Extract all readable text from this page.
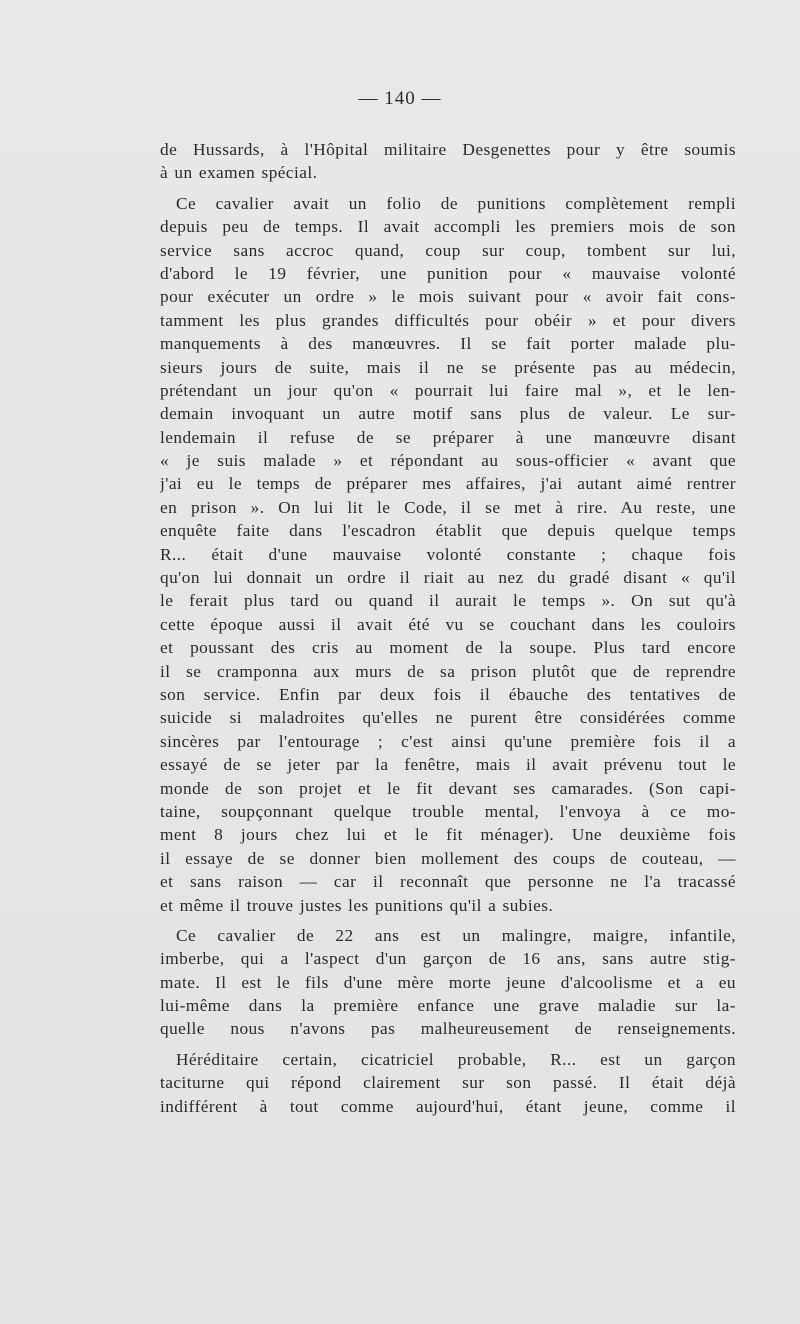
— 140 —
de Hussards, à l'Hôpital militaire Desgenettes pour y être soumis
à un examen spécial.
Ce cavalier avait un folio de punitions complètement rempli
depuis peu de temps. Il avait accompli les premiers mois de son
service sans accroc quand, coup sur coup, tombent sur lui,
d'abord le 19 février, une punition pour « mauvaise volonté
pour exécuter un ordre » le mois suivant pour « avoir fait cons-
tamment les plus grandes difficultés pour obéir » et pour divers
manquements à des manœuvres. Il se fait porter malade plu-
sieurs jours de suite, mais il ne se présente pas au médecin,
prétendant un jour qu'on « pourrait lui faire mal », et le len-
demain invoquant un autre motif sans plus de valeur. Le sur-
lendemain il refuse de se préparer à une manœuvre disant
« je suis malade » et répondant au sous-officier « avant que
j'ai eu le temps de préparer mes affaires, j'ai autant aimé rentrer
en prison ». On lui lit le Code, il se met à rire. Au reste, une
enquête faite dans l'escadron établit que depuis quelque temps
R... était d'une mauvaise volonté constante ; chaque fois
qu'on lui donnait un ordre il riait au nez du gradé disant « qu'il
le ferait plus tard ou quand il aurait le temps ». On sut qu'à
cette époque aussi il avait été vu se couchant dans les couloirs
et poussant des cris au moment de la soupe. Plus tard encore
il se cramponna aux murs de sa prison plutôt que de reprendre
son service. Enfin par deux fois il ébauche des tentatives de
suicide si maladroites qu'elles ne purent être considérées comme
sincères par l'entourage ; c'est ainsi qu'une première fois il a
essayé de se jeter par la fenêtre, mais il avait prévenu tout le
monde de son projet et le fit devant ses camarades. (Son capi-
taine, soupçonnant quelque trouble mental, l'envoya à ce mo-
ment 8 jours chez lui et le fit ménager). Une deuxième fois
il essaye de se donner bien mollement des coups de couteau, —
et sans raison — car il reconnaît que personne ne l'a tracassé
et même il trouve justes les punitions qu'il a subies.
Ce cavalier de 22 ans est un malingre, maigre, infantile,
imberbe, qui a l'aspect d'un garçon de 16 ans, sans autre stig-
mate. Il est le fils d'une mère morte jeune d'alcoolisme et a eu
lui-même dans la première enfance une grave maladie sur la-
quelle nous n'avons pas malheureusement de renseignements.
Héréditaire certain, cicatriciel probable, R... est un garçon
taciturne qui répond clairement sur son passé. Il était déjà
indifférent à tout comme aujourd'hui, étant jeune, comme il
